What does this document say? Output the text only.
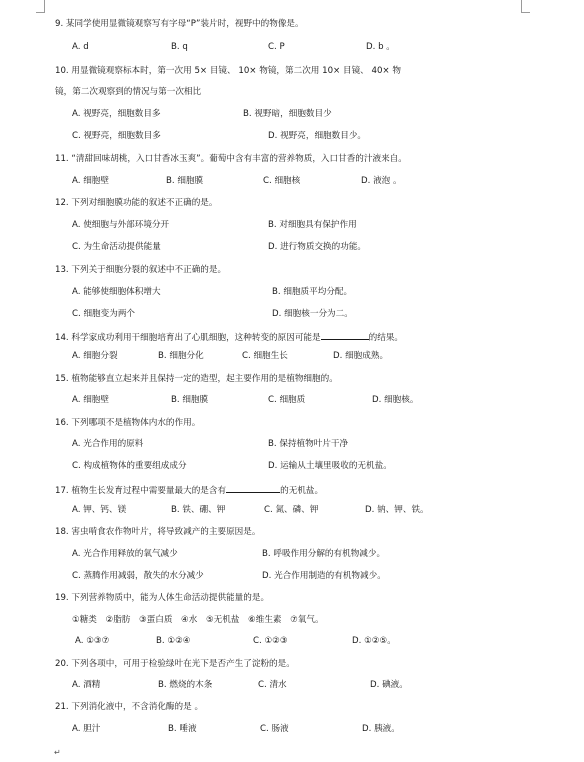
9. 某同学使用显微镜观察写有字母“P”装片时，视野中的物像是。
A. d	B. q	C. P	D. b 。
10. 用显微镜观察标本时，第一次用 5× 目镜、 10× 物镜，第二次用 10× 目镜、 40× 物
镜，第二次观察到的情况与第一次相比
A. 视野亮，细胞数目多	B. 视野暗，细胞数目少
C. 视野亮，细胞数目多	D. 视野亮，细胞数目少。
11. “清甜回味胡桃，入口甘香冰玉爽”。葡萄中含有丰富的营养物质，入口甘香的汁液来自。
A. 细胞壁	B. 细胞膜	C. 细胞核	D. 液泡 。
12. 下列对细胞膜功能的叙述不正确的是。
A. 使细胞与外部环境分开	B. 对细胞具有保护作用
C. 为生命活动提供能量	D. 进行物质交换的功能。
13. 下列关于细胞分裂的叙述中不正确的是。
A. 能够使细胞体积增大	B. 细胞质平均分配。
C. 细胞变为两个	D. 细胞核一分为二。
14. 科学家成功利用干细胞培育出了心肌细胞，这种转变的原因可能是	的结果。
A. 细胞分裂	B. 细胞分化	C. 细胞生长	D. 细胞成熟。
15. 植物能够直立起来并且保持一定的造型，起主要作用的是植物细胞的。
A. 细胞壁	B. 细胞膜	C. 细胞质	D. 细胞核。
16. 下列哪项不是植物体内水的作用。
A. 光合作用的原料	B. 保持植物叶片干净
C. 构成植物体的重要组成成分	D. 运输从土壤里吸收的无机盐。
17. 植物生长发育过程中需要量最大的是含有	的无机盐。
A. 钾、钙、镁	B. 铁、硼、钾	C. 氮、磷、钾	D. 钠、钾、铁。
18. 害虫啃食农作物叶片，将导致减产的主要原因是。
A. 光合作用释放的氧气减少	B. 呼吸作用分解的有机物减少。
C. 蒸腾作用减弱，散失的水分减少	D. 光合作用制造的有机物减少。
19. 下列营养物质中，能为人体生命活动提供能量的是。
①糖类　②脂肪　③蛋白质　④水　⑤无机盐　⑥维生素　⑦氧气。
A. ①③⑦	B. ①②④	C. ①②③	D. ①②⑤。
20. 下列各项中，可用于检验绿叶在光下是否产生了淀粉的是。
A. 酒精	B. 燃烧的木条	C. 清水	D. 碘液。
21. 下列消化液中，不含消化酶的是 。
A. 胆汁	B. 唾液	C. 肠液	D. 胰液。
↵
